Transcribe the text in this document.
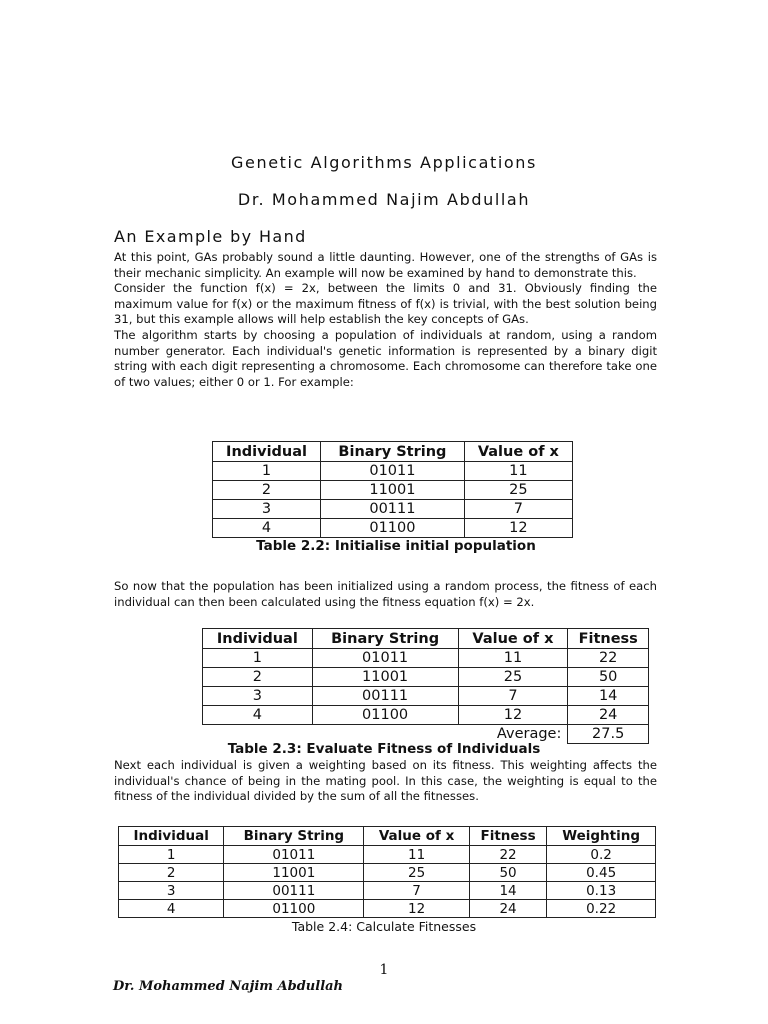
Genetic Algorithms Applications
Dr. Mohammed Najim Abdullah
An Example by Hand

At this point, GAs probably sound a little daunting. However, one of the strengths of GAs is their mechanic simplicity. An example will now be examined by hand to demonstrate this.

Consider the function f(x) = 2x, between the limits 0 and 31. Obviously finding the maximum value for f(x) or the maximum fitness of f(x) is trivial, with the best solution being 31, but this example allows will help establish the key concepts of GAs.

The algorithm starts by choosing a population of individuals at random, using a random number generator. Each individual's genetic information is represented by a binary digit string with each digit representing a chromosome. Each chromosome can therefore take one of two values; either 0 or 1. For example:

Individual	Binary String	Value of x
1	01011	11
2	11001	25
3	00111	7
4	01100	12
Table 2.2: Initialise initial population
So now that the population has been initialized using a random process, the fitness of each individual can then been calculated using the fitness equation f(x) = 2x.
Individual	Binary String	Value of x	Fitness
1	01011	11	22
2	11001	25	50
3	00111	7	14
4	01100	12	24
		Average:	27.5
Table 2.3: Evaluate Fitness of Individuals
Next each individual is given a weighting based on its fitness. This weighting affects the individual's chance of being in the mating pool. In this case, the weighting is equal to the fitness of the individual divided by the sum of all the fitnesses.
Individual	Binary String	Value of x	Fitness	Weighting
1	01011	11	22	0.2
2	11001	25	50	0.45
3	00111	7	14	0.13
4	01100	12	24	0.22
Table 2.4: Calculate Fitnesses
1
Dr. Mohammed Najim Abdullah
